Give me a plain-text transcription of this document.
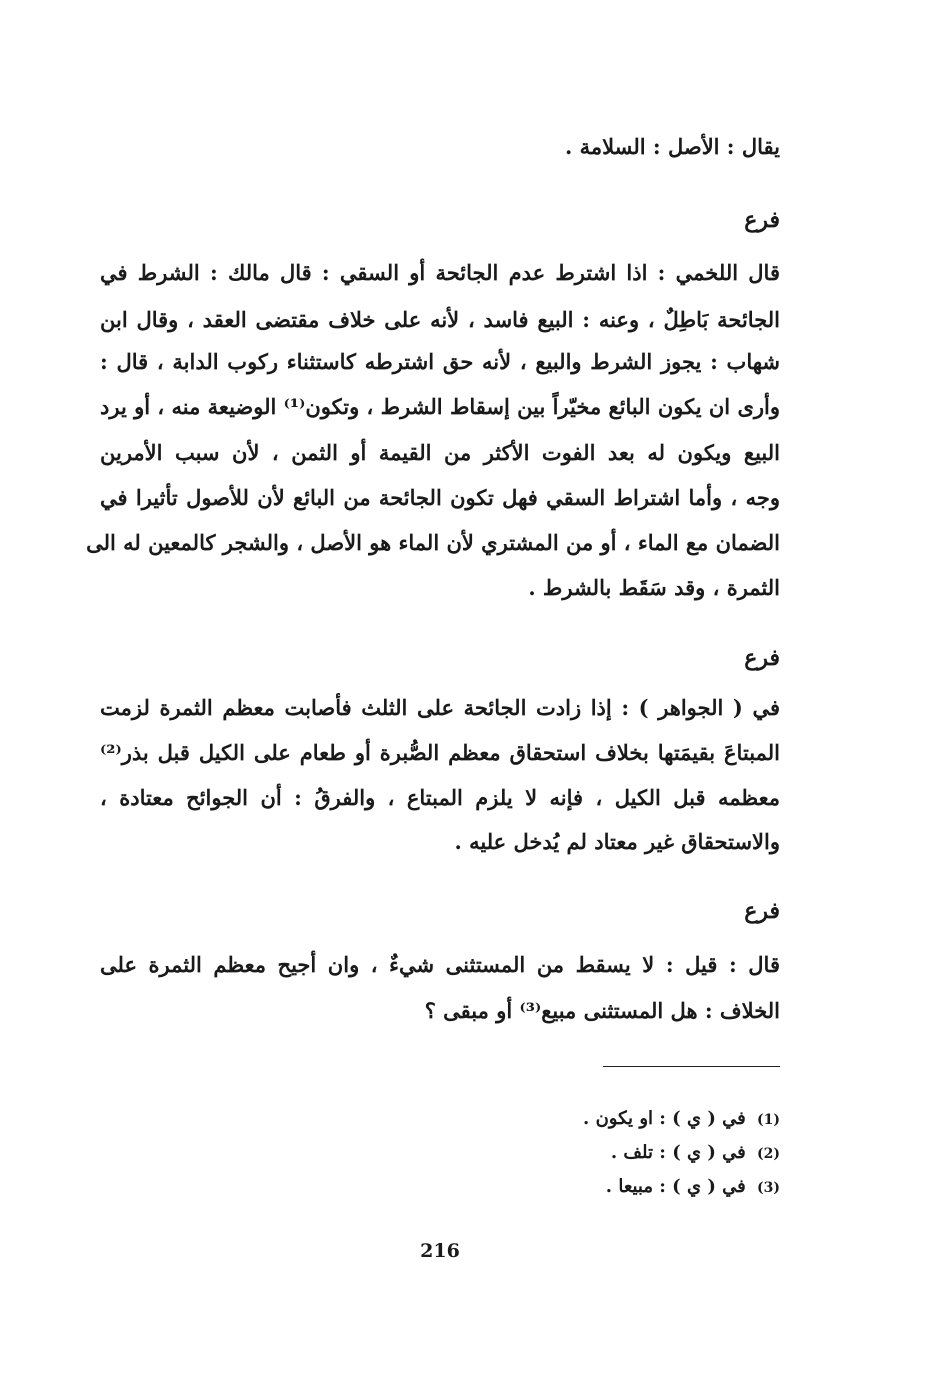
يقال : الأصل : السلامة .
فرع
قال اللخمي : اذا اشترط عدم الجائحة أو السقي : قال مالك : الشرط في
الجائحة بَاطِلٌ ، وعنه : البيع فاسد ، لأنه على خلاف مقتضى العقد ، وقال ابن
شهاب : يجوز الشرط والبيع ، لأنه حق اشترطه كاستثناء ركوب الدابة ، قال :
وأرى ان يكون البائع مخيّراً بين إسقاط الشرط ، وتكون⁽¹⁾ الوضيعة منه ، أو يرد
البيع ويكون له بعد الفوت الأكثر من القيمة أو الثمن ، لأن سبب الأمرين
وجه ، وأما اشتراط السقي فهل تكون الجائحة من البائع لأن للأصول تأثيرا في
الضمان مع الماء ، أو من المشتري لأن الماء هو الأصل ، والشجر كالمعين له الى
الثمرة ، وقد سَقَط بالشرط .
فرع
في ( الجواهر ) : إذا زادت الجائحة على الثلث فأصابت معظم الثمرة لزمت
المبتاعَ بقيمَتها بخلاف استحقاق معظم الصُّبرة أو طعام على الكيل قبل بذر⁽²⁾
معظمه قبل الكيل ، فإنه لا يلزم المبتاع ، والفرقُ : أن الجوائح معتادة ،
والاستحقاق غير معتاد لم يُدخل عليه .
فرع
قال : قيل : لا يسقط من المستثنى شيءٌ ، وان أجيح معظم الثمرة على
الخلاف : هل المستثنى مبيع⁽³⁾ أو مبقى ؟
(1) في ( ي ) : او يكون .
(2) في ( ي ) : تلف .
(3) في ( ي ) : مبيعا .
216
